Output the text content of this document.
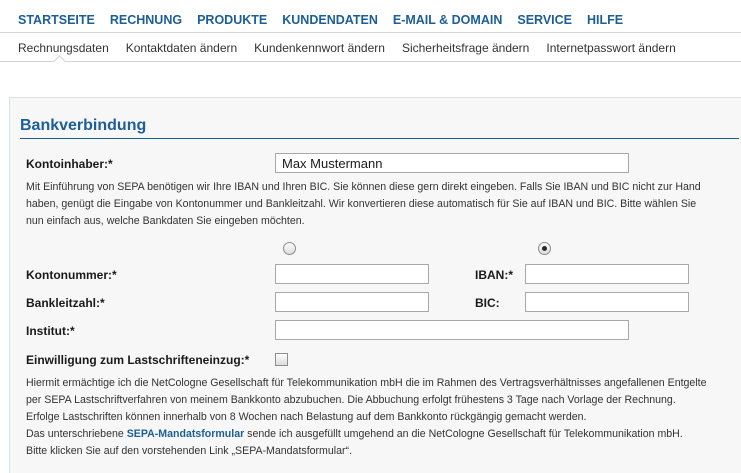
STARTSEITE RECHNUNG PRODUKTE KUNDENDATEN E-MAIL & DOMAIN SERVICE HILFE
Rechnungsdaten Kontaktdaten ändern Kundenkennwort ändern Sicherheitsfrage ändern Internetpasswort ändern
Bankverbindung
Kontoinhaber:*
Max Mustermann
Mit Einführung von SEPA benötigen wir Ihre IBAN und Ihren BIC. Sie können diese gern direkt eingeben. Falls Sie IBAN und BIC nicht zur Hand
haben, genügt die Eingabe von Kontonummer und Bankleitzahl. Wir konvertieren diese automatisch für Sie auf IBAN und BIC. Bitte wählen Sie
nun einfach aus, welche Bankdaten Sie eingeben möchten.
Kontonummer:*	IBAN:*
Bankleitzahl:*	BIC:
Institut:*
Einwilligung zum Lastschrifteneinzug:*
Hiermit ermächtige ich die NetCologne Gesellschaft für Telekommunikation mbH die im Rahmen des Vertragsverhältnisses angefallenen Entgelte
per SEPA Lastschriftverfahren von meinem Bankkonto abzubuchen. Die Abbuchung erfolgt frühestens 3 Tage nach Vorlage der Rechnung.
Erfolge Lastschriften können innerhalb von 8 Wochen nach Belastung auf dem Bankkonto rückgängig gemacht werden.
Das unterschriebene SEPA-Mandatsformular sende ich ausgefüllt umgehend an die NetCologne Gesellschaft für Telekommunikation mbH.
Bitte klicken Sie auf den vorstehenden Link „SEPA-Mandatsformular“.
